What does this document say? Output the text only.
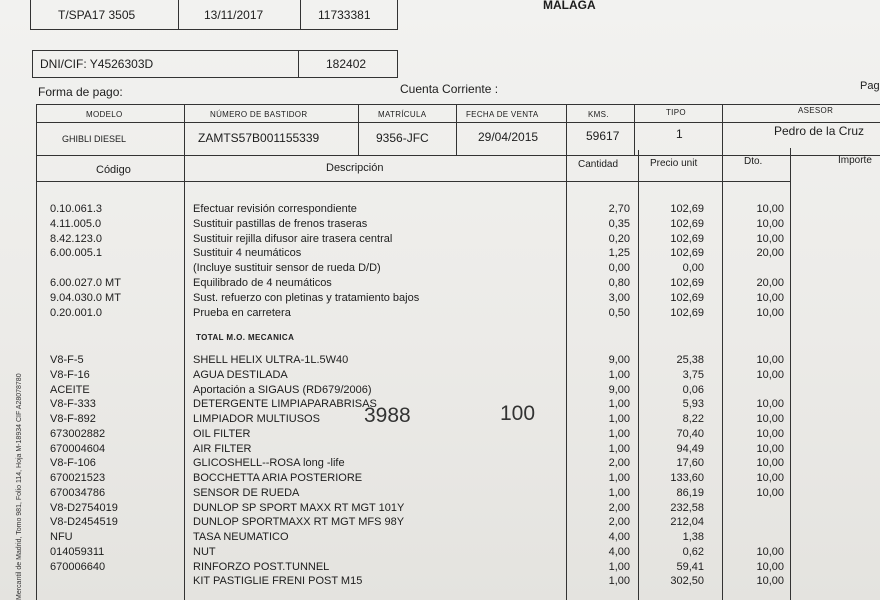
T/SPA17 3505	13/11/2017	11733381
MALAGA
DNI/CIF: Y4526303D	182402
Forma de pago:	Cuenta Corriente :	Pag
MODELO	NÚMERO DE BASTIDOR	MATRÍCULA	FECHA DE VENTA	KMS.	TIPO	ASESOR
GHIBLI DIESEL	ZAMTS57B001155339	9356-JFC	29/04/2015	59617	1	Pedro de la Cruz
Código	Descripción	Cantidad	Precio unit	Dto.	Importe
0.10.061.3	Efectuar revisión correspondiente	2,70	102,69	10,00
4.11.005.0	Sustituir pastillas de frenos traseras	0,35	102,69	10,00
8.42.123.0	Sustituir rejilla difusor aire trasera central	0,20	102,69	10,00
6.00.005.1	Sustituir 4 neumáticos	1,25	102,69	20,00
(Incluye sustituir sensor de rueda D/D)	0,00	0,00
6.00.027.0 MT	Equilibrado de 4 neumáticos	0,80	102,69	20,00
9.04.030.0 MT	Sust. refuerzo con pletinas y tratamiento bajos	3,00	102,69	10,00
0.20.001.0	Prueba en carretera	0,50	102,69	10,00
TOTAL M.O. MECANICA
V8-F-5	SHELL HELIX ULTRA-1L.5W40	9,00	25,38	10,00
V8-F-16	AGUA DESTILADA	1,00	3,75	10,00
ACEITE	Aportación a SIGAUS (RD679/2006)	9,00	0,06
V8-F-333	DETERGENTE LIMPIAPARABRISAS	1,00	5,93	10,00
V8-F-892	LIMPIADOR MULTIUSOS	1,00	8,22	10,00
673002882	OIL FILTER	1,00	70,40	10,00
670004604	AIR FILTER	1,00	94,49	10,00
V8-F-106	GLICOSHELL--ROSA long -life	2,00	17,60	10,00
670021523	BOCCHETTA ARIA POSTERIORE	1,00	133,60	10,00
670034786	SENSOR DE RUEDA	1,00	86,19	10,00
V8-D2754019	DUNLOP SP SPORT MAXX RT MGT 101Y	2,00	232,58
V8-D2454519	DUNLOP SPORTMAXX RT MGT MFS 98Y	2,00	212,04
NFU	TASA NEUMATICO	4,00	1,38
014059311	NUT	4,00	0,62	10,00
670006640	RINFORZO POST.TUNNEL	1,00	59,41	10,00
KIT PASTIGLIE FRENI POST M15	1,00	302,50	10,00
3988	100
Mercantil de Madrid, Tomo 981, Folio 114, Hoja M-18934 CIF A28078780
